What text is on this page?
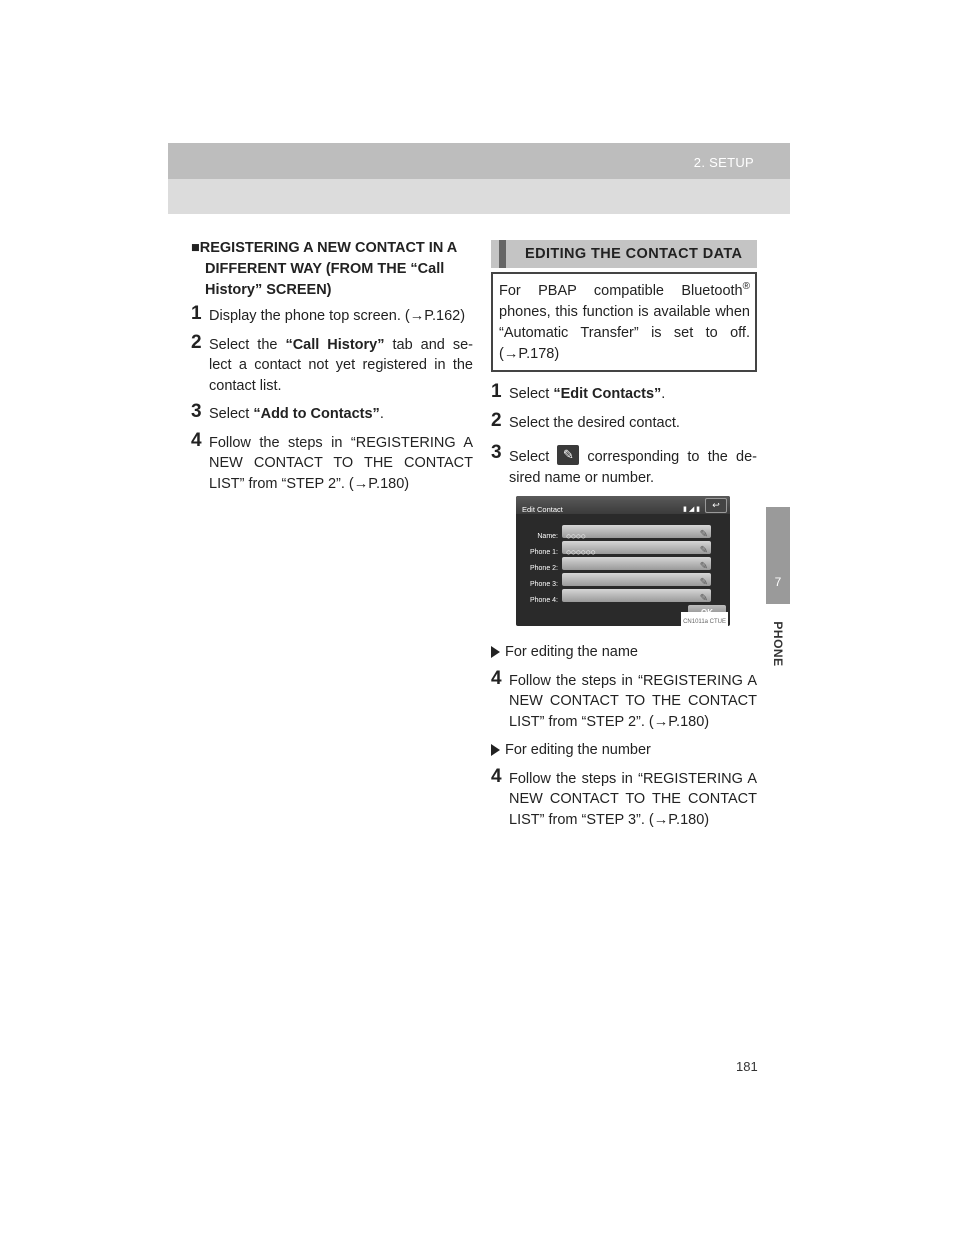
2. SETUP
7
PHONE
■REGISTERING A NEW CONTACT IN A DIFFERENT WAY (FROM THE “Call History” SCREEN)
1 Display the phone top screen. (→P.162)
2 Select the “Call History” tab and se- lect a contact not yet registered in the contact list.
3 Select “Add to Contacts”.
4 Follow the steps in “REGISTERING A NEW CONTACT TO THE CONTACT LIST” from “STEP 2”. (→P.180)
EDITING THE CONTACT DATA
For PBAP compatible Bluetooth® phones, this function is available when “Automatic Transfer” is set to off. (→P.178)
1 Select “Edit Contacts”.
2 Select the desired contact.
3 Select	✎ corresponding to the de- sired name or number.
Edit Contact	▮ ◢ ▮	↩
Name: ○○○○	✎
Phone 1: ○○○○○○	✎
Phone 2:	✎
Phone 3:	✎
Phone 4:	✎
CN1011a CTUE
For editing the name
4 Follow the steps in “REGISTERING A NEW CONTACT TO THE CONTACT LIST” from “STEP 2”. (→P.180)
For editing the number
4 Follow the steps in “REGISTERING A NEW CONTACT TO THE CONTACT LIST” from “STEP 3”. (→P.180)
181
